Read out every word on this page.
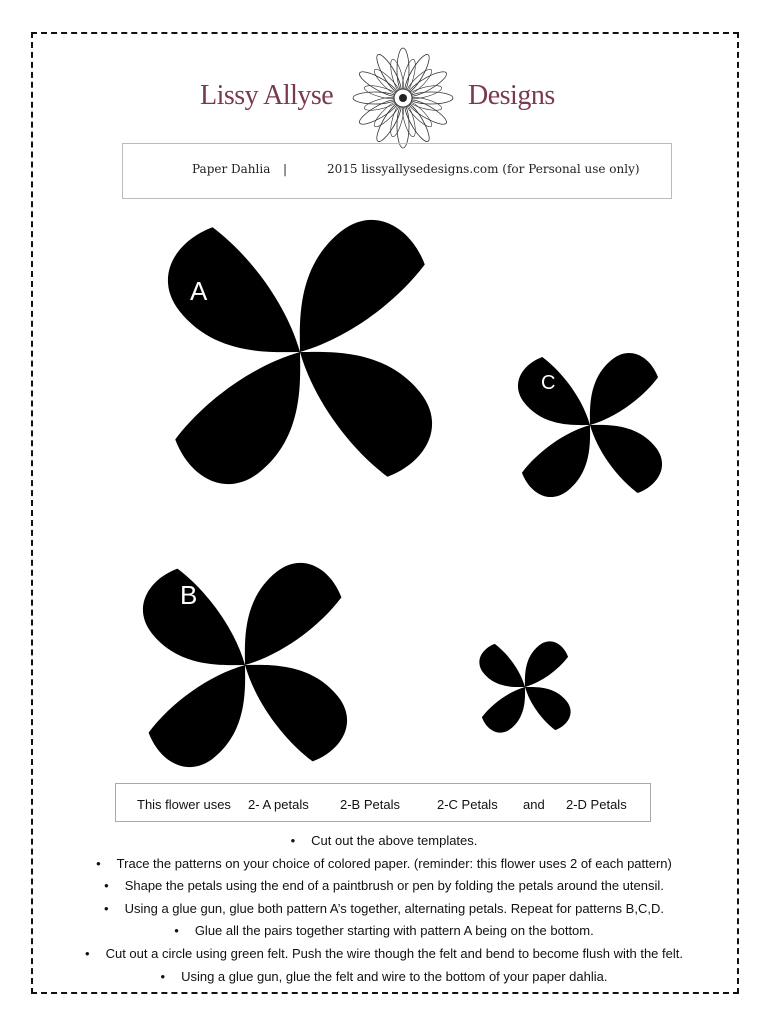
A
B
C
D
Lissy Allyse	Designs
Paper Dahlia |	2015 lissyallysedesigns.com (for Personal use only)
This flower uses 2- A petals 2-B Petals	2-C Petals and 2-D Petals
• Cut out the above templates.
• Trace the patterns on your choice of colored paper. (reminder: this flower uses 2 of each pattern)
• Shape the petals using the end of a paintbrush or pen by folding the petals around the utensil.
• Using a glue gun, glue both pattern A’s together, alternating petals. Repeat for patterns B,C,D.
• Glue all the pairs together starting with pattern A being on the bottom.
• Cut out a circle using green felt. Push the wire though the felt and bend to become flush with the felt.
• Using a glue gun, glue the felt and wire to the bottom of your paper dahlia.
